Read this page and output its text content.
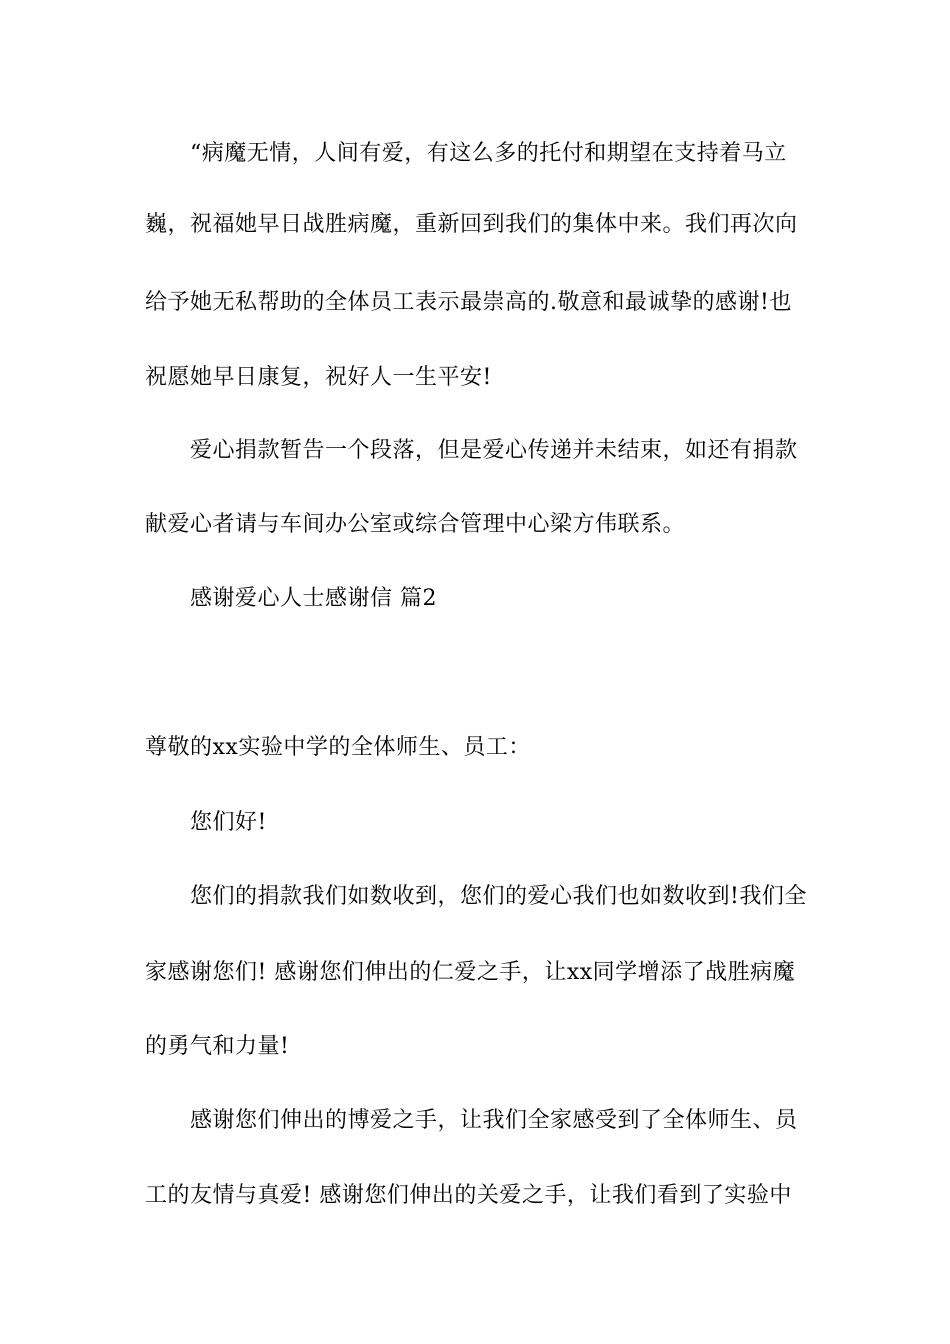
“病魔无情，人间有爱，有这么多的托付和期望在支持着马立
巍，祝福她早日战胜病魔，重新回到我们的集体中来。我们再次向
给予她无私帮助的全体员工表示最崇高的.敬意和最诚挚的感谢!也
祝愿她早日康复，祝好人一生平安!
爱心捐款暂告一个段落，但是爱心传递并未结束，如还有捐款
献爱心者请与车间办公室或综合管理中心梁方伟联系。
感谢爱心人士感谢信 篇2
尊敬的xx实验中学的全体师生、员工：
您们好!
您们的捐款我们如数收到，您们的爱心我们也如数收到!我们全
家感谢您们! 感谢您们伸出的仁爱之手，让xx同学增添了战胜病魔
的勇气和力量!
感谢您们伸出的博爱之手，让我们全家感受到了全体师生、员
工的友情与真爱! 感谢您们伸出的关爱之手，让我们看到了实验中
